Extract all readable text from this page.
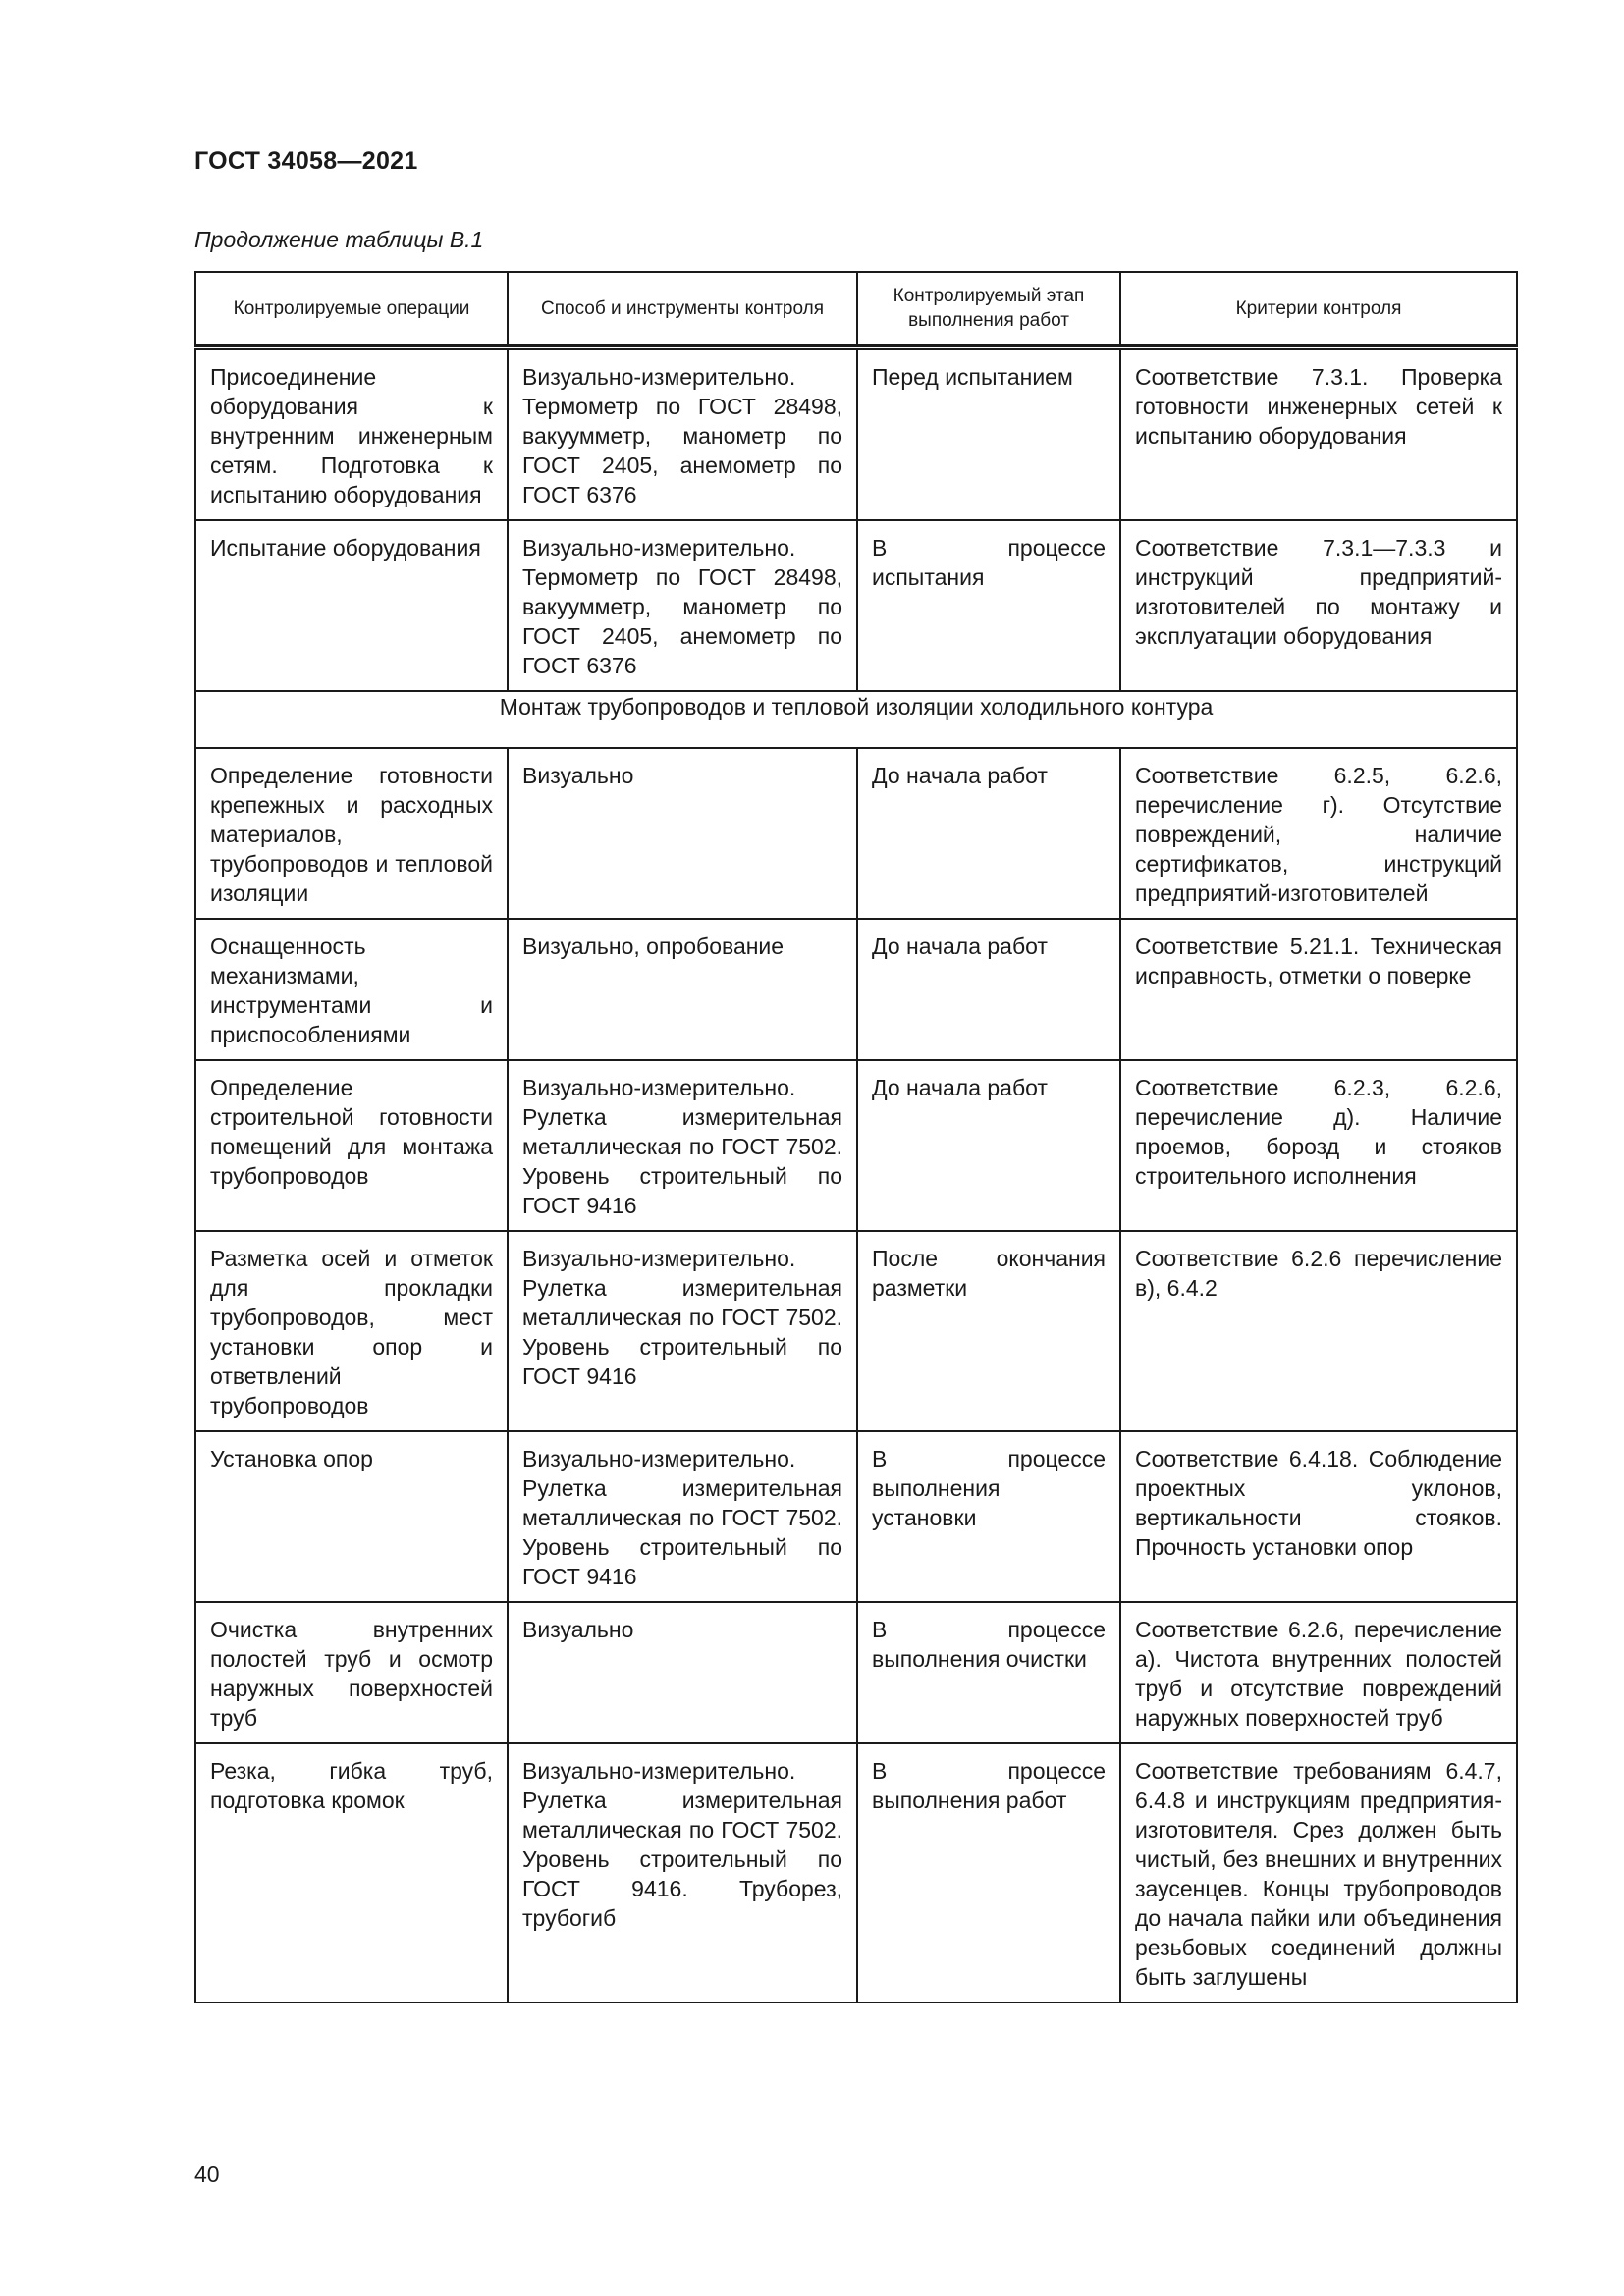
ГОСТ 34058—2021
Продолжение таблицы В.1
Контролируемые операции	Способ и инструменты контроля	Контролируемый этап выполнения работ	Критерии контроля

Присоединение оборудования к внутренним инженерным сетям. Подготовка к испытанию оборудования	Визуально-измерительно. Термометр по ГОСТ 28498, вакуумметр, манометр по ГОСТ 2405, анемометр по ГОСТ 6376	Перед испытанием	Соответствие 7.3.1. Проверка готовности инженерных сетей к испытанию оборудования

Испытание оборудования	Визуально-измерительно. Термометр по ГОСТ 28498, вакуумметр, манометр по ГОСТ 2405, анемометр по ГОСТ 6376	В процессе испытания	Соответствие 7.3.1—7.3.3 и инструкций предприятий-изготовителей по монтажу и эксплуатации оборудования

Монтаж трубопроводов и тепловой изоляции холодильного контура			

Определение готовности крепежных и расходных материалов, трубопроводов и тепловой изоляции	Визуально	До начала работ	Соответствие 6.2.5, 6.2.6, перечисление г). Отсутствие повреждений, наличие сертификатов, инструкций предприятий-изготовителей

Оснащенность механизмами, инструментами и приспособлениями	Визуально, опробование	До начала работ	Соответствие 5.21.1. Техническая исправность, отметки о поверке

Определение строительной готовности помещений для монтажа трубопроводов	Визуально-измерительно. Рулетка измерительная металлическая по ГОСТ 7502. Уровень строительный по ГОСТ 9416	До начала работ	Соответствие 6.2.3, 6.2.6, перечисление д). Наличие проемов, борозд и стояков строительного исполнения

Разметка осей и отметок для прокладки трубопроводов, мест установки опор и ответвлений трубопроводов	Визуально-измерительно. Рулетка измерительная металлическая по ГОСТ 7502. Уровень строительный по ГОСТ 9416	После окончания разметки	Соответствие 6.2.6 перечисление в), 6.4.2

Установка опор	Визуально-измерительно. Рулетка измерительная металлическая по ГОСТ 7502. Уровень строительный по ГОСТ 9416	В процессе выполнения установки	Соответствие 6.4.18. Соблюдение проектных уклонов, вертикальности стояков. Прочность установки опор

Очистка внутренних полостей труб и осмотр наружных поверхностей труб	Визуально	В процессе выполнения очистки	Соответствие 6.2.6, перечисление а). Чистота внутренних полостей труб и отсутствие повреждений наружных поверхностей труб

Резка, гибка труб, подготовка кромок	Визуально-измерительно. Рулетка измерительная металлическая по ГОСТ 7502. Уровень строительный по ГОСТ 9416. Труборез, трубогиб	В процессе выполнения работ	Соответствие требованиям 6.4.7, 6.4.8 и инструкциям предприятия-изготовителя. Срез должен быть чистый, без внешних и внутренних заусенцев. Концы трубопроводов до начала пайки или объединения резьбовых соединений должны быть заглушены
40
